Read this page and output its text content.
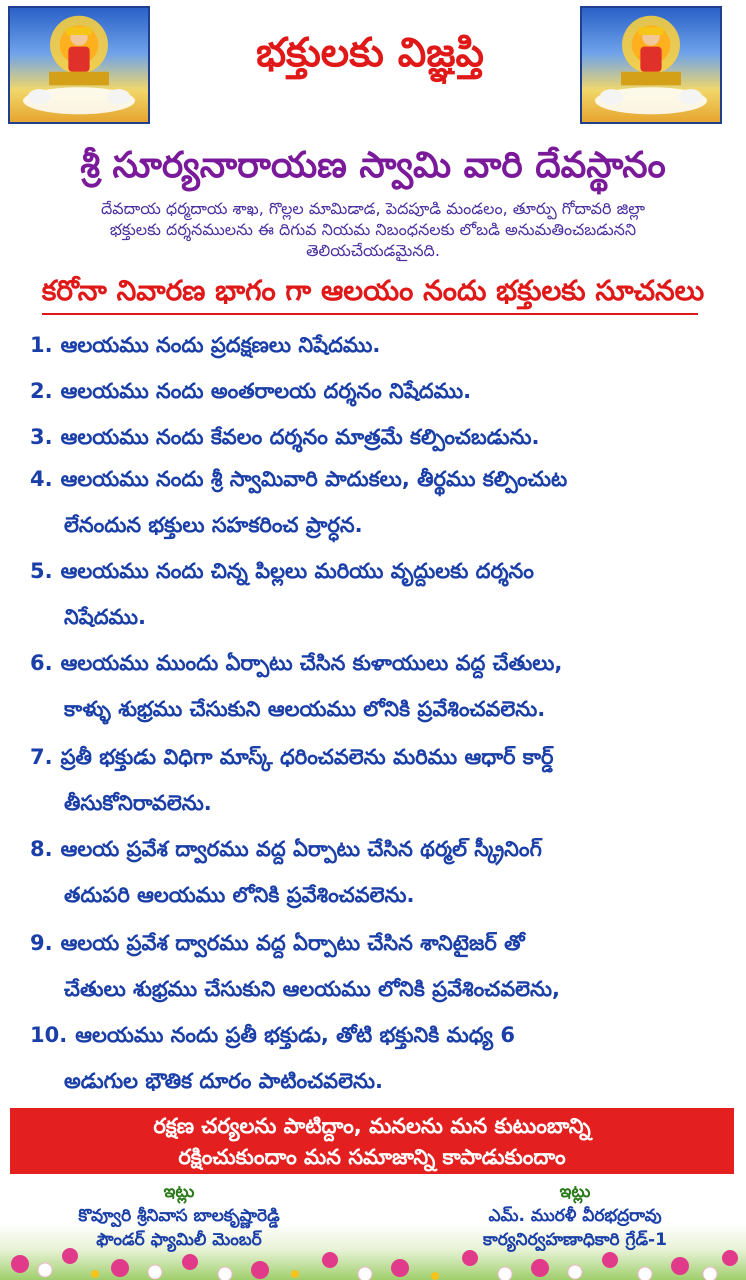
భక్తులకు విజ్ఞప్తి
శ్రీ సూర్యనారాయణ స్వామి వారి దేవస్థానం
దేవదాయ ధర్మదాయ శాఖ, గొల్లల మామిడాడ, పెదపూడి మండలం, తూర్పు గోదావరి జిల్లా
భక్తులకు దర్శనములను ఈ దిగువ నియమ నిబంధనలకు లోబడి అనుమతించబడునని
తెలియచేయడమైనది.
కరోనా నివారణ భాగం గా ఆలయం నందు భక్తులకు సూచనలు
1. ఆలయము నందు ప్రదక్షణలు నిషేదము.
2. ఆలయము నందు అంతరాలయ దర్శనం నిషేదము.
3. ఆలయము నందు కేవలం దర్శనం మాత్రమే కల్పించబడును.
4. ఆలయము నందు శ్రీ స్వామివారి పాదుకలు, తీర్థము కల్పించుట
లేనందున భక్తులు సహకరించ ప్రార్ధన.
5. ఆలయము నందు చిన్న పిల్లలు మరియు వృద్దులకు దర్శనం
నిషేదము.
6. ఆలయము ముందు ఏర్పాటు చేసిన కుళాయులు వద్ద చేతులు,
కాళ్ళు శుభ్రము చేసుకుని ఆలయము లోనికి ప్రవేశించవలెను.
7. ప్రతీ భక్తుడు విధిగా మాస్క్ ధరించవలెను మరిము ఆధార్ కార్డ్
తీసుకోనిరావలెను.
8. ఆలయ ప్రవేశ ద్వారము వద్ద ఏర్పాటు చేసిన థర్మల్ స్క్రీనింగ్
తదుపరి ఆలయము లోనికి ప్రవేశించవలెను.
9. ఆలయ ప్రవేశ ద్వారము వద్ద ఏర్పాటు చేసిన శానిటైజర్ తో
చేతులు శుభ్రము చేసుకుని ఆలయము లోనికి ప్రవేశించవలెను,
10. ఆలయము నందు ప్రతీ భక్తుడు, తోటి భక్తునికి మధ్య 6
అడుగుల భౌతిక దూరం పాటించవలెను.
రక్షణ చర్యలను పాటిద్దాం, మనలను మన కుటుంబాన్ని
రక్షించుకుందాం మన సమాజాన్ని కాపాడుకుందాం
ఇట్లు
కొవ్వూరి శ్రీనివాస బాలకృష్ణారెడ్డి
ఫౌండర్ ఫ్యామిలీ మెంబర్
ఇట్లు
ఎమ్. మురళీ వీరభద్రరావు
కార్యనిర్వహణాధికారి గ్రేడ్-1
